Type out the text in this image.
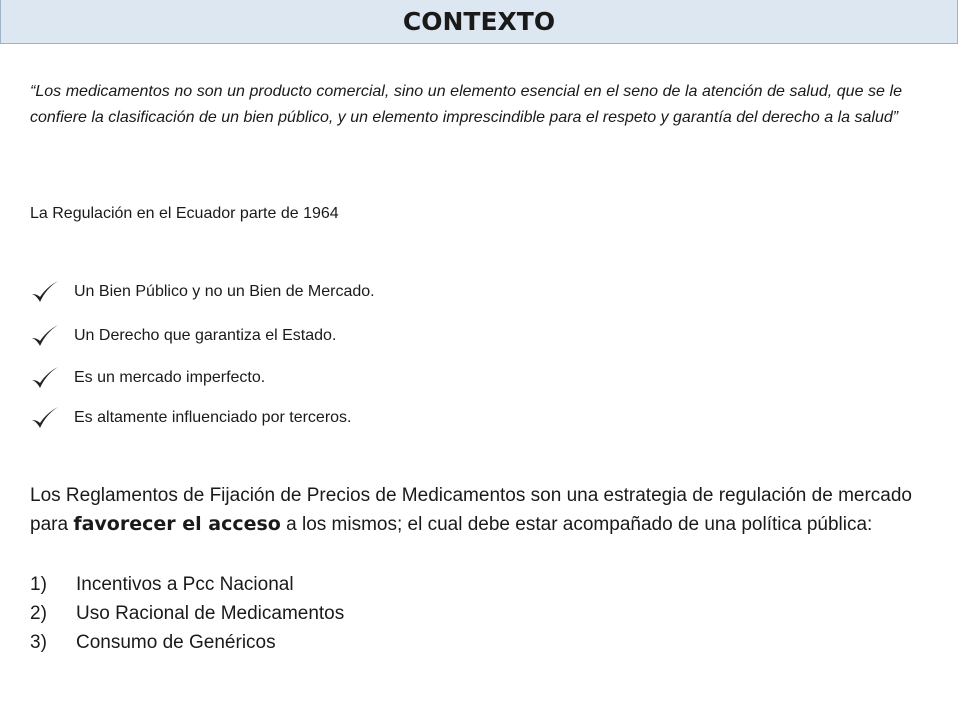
CONTEXTO

“Los medicamentos no son un producto comercial, sino un elemento esencial en el seno de la atención de salud, que se le confiere la clasificación de un bien público, y un elemento imprescindible para el respeto y garantía del derecho a la salud”

La Regulación en el Ecuador parte de 1964
Un Bien Público y no un Bien de Mercado.
Un Derecho que garantiza el Estado.
Es un mercado imperfecto.
Es altamente influenciado por terceros.

Los Reglamentos de Fijación de Precios de Medicamentos son una estrategia de regulación de mercado para favorecer el acceso a los mismos; el cual debe estar acompañado de una política pública:

1)	Incentivos a Pcc Nacional
2)	Uso Racional de Medicamentos
3)	Consumo de Genéricos
